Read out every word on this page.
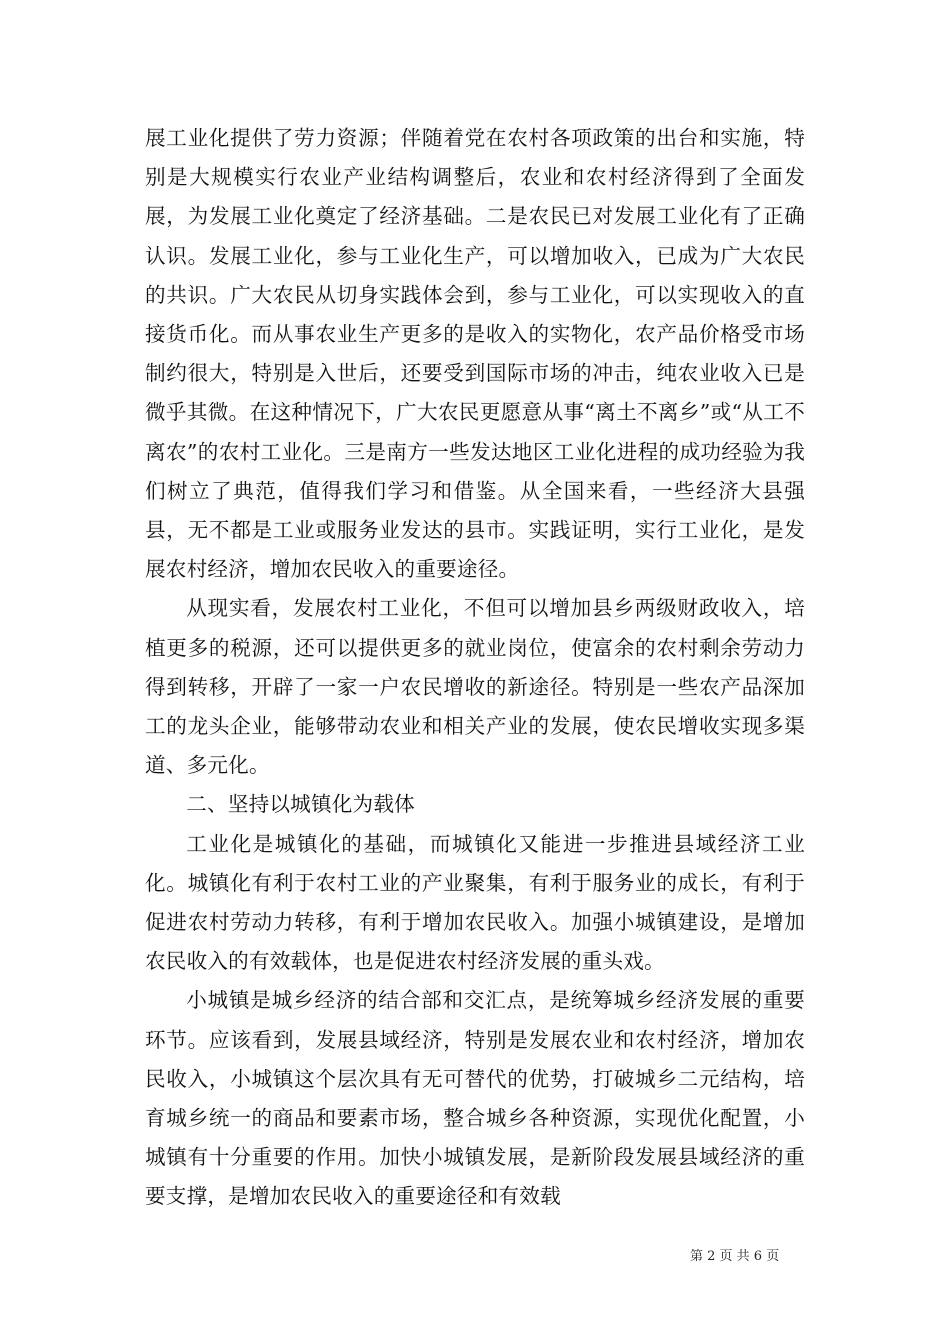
展工业化提供了劳力资源；伴随着党在农村各项政策的出台和实施，特别是大规模实行农业产业结构调整后，农业和农村经济得到了全面发展，为发展工业化奠定了经济基础。二是农民已对发展工业化有了正确认识。发展工业化，参与工业化生产，可以增加收入，已成为广大农民的共识。广大农民从切身实践体会到，参与工业化，可以实现收入的直接货币化。而从事农业生产更多的是收入的实物化，农产品价格受市场制约很大，特别是入世后，还要受到国际市场的冲击，纯农业收入已是微乎其微。在这种情况下，广大农民更愿意从事“离土不离乡”或“从工不离农”的农村工业化。三是南方一些发达地区工业化进程的成功经验为我们树立了典范，值得我们学习和借鉴。从全国来看，一些经济大县强县，无不都是工业或服务业发达的县市。实践证明，实行工业化，是发展农村经济，增加农民收入的重要途径。

从现实看，发展农村工业化，不但可以增加县乡两级财政收入，培植更多的税源，还可以提供更多的就业岗位，使富余的农村剩余劳动力得到转移，开辟了一家一户农民增收的新途径。特别是一些农产品深加工的龙头企业，能够带动农业和相关产业的发展，使农民增收实现多渠道、多元化。

二、坚持以城镇化为载体

工业化是城镇化的基础，而城镇化又能进一步推进县域经济工业化。城镇化有利于农村工业的产业聚集，有利于服务业的成长，有利于促进农村劳动力转移，有利于增加农民收入。加强小城镇建设，是增加农民收入的有效载体，也是促进农村经济发展的重头戏。

小城镇是城乡经济的结合部和交汇点，是统筹城乡经济发展的重要环节。应该看到，发展县域经济，特别是发展农业和农村经济，增加农民收入，小城镇这个层次具有无可替代的优势，打破城乡二元结构，培育城乡统一的商品和要素市场，整合城乡各种资源，实现优化配置，小城镇有十分重要的作用。加快小城镇发展，是新阶段发展县域经济的重要支撑，是增加农民收入的重要途径和有效载

第 2 页 共 6 页
